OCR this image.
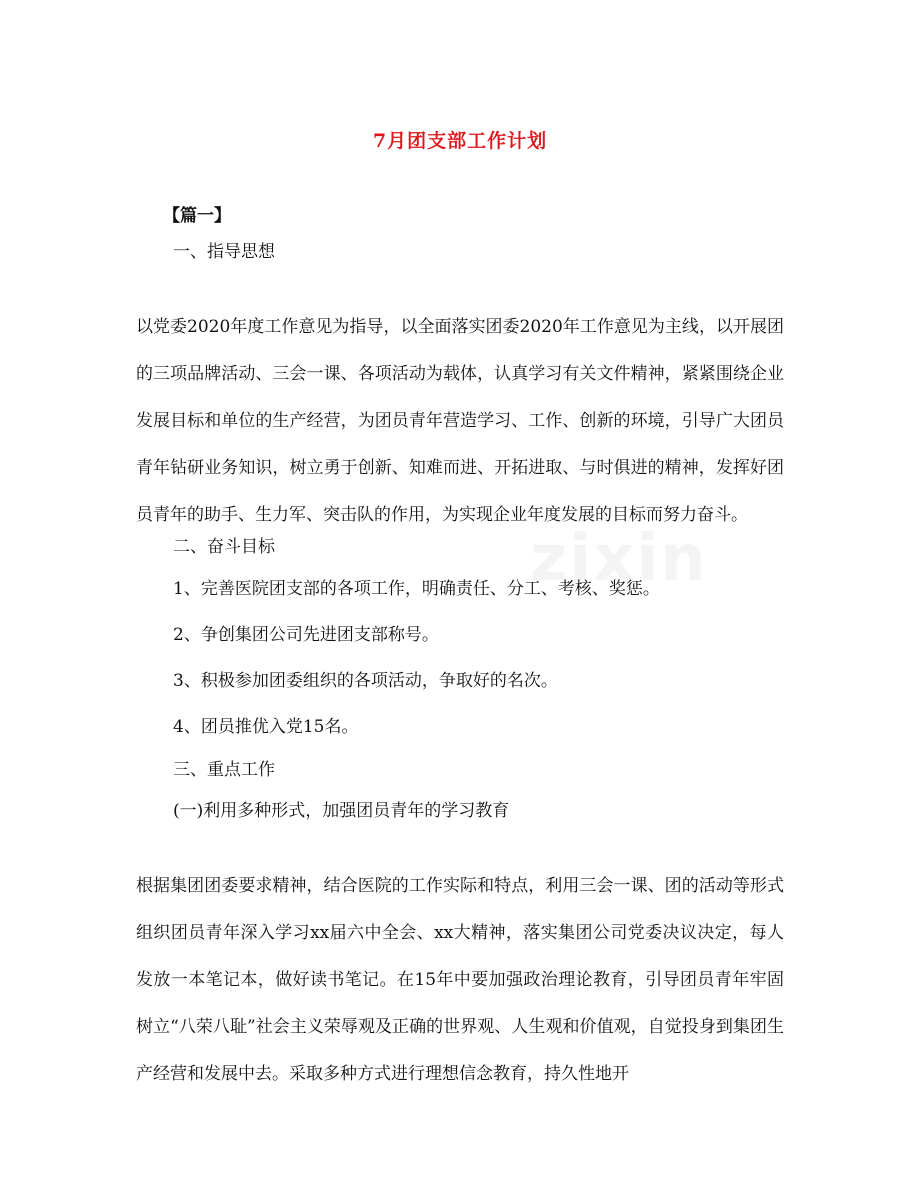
7月团支部工作计划
【篇一】
一、指导思想
以党委2020年度工作意见为指导，以全面落实团委2020年工作意见为主线，以开展团的三项品牌活动、三会一课、各项活动为载体，认真学习有关文件精神，紧紧围绕企业发展目标和单位的生产经营，为团员青年营造学习、工作、创新的环境，引导广大团员青年钻研业务知识，树立勇于创新、知难而进、开拓进取、与时俱进的精神，发挥好团员青年的助手、生力军、突击队的作用，为实现企业年度发展的目标而努力奋斗。
二、奋斗目标
1、完善医院团支部的各项工作，明确责任、分工、考核、奖惩。
2、争创集团公司先进团支部称号。
3、积极参加团委组织的各项活动，争取好的名次。
4、团员推优入党15名。
三、重点工作
(一)利用多种形式，加强团员青年的学习教育
根据集团团委要求精神，结合医院的工作实际和特点，利用三会一课、团的活动等形式组织团员青年深入学习xx届六中全会、xx大精神，落实集团公司党委决议决定，每人发放一本笔记本，做好读书笔记。在15年中要加强政治理论教育，引导团员青年牢固树立“八荣八耻”社会主义荣辱观及正确的世界观、人生观和价值观，自觉投身到集团生产经营和发展中去。采取多种方式进行理想信念教育，持久性地开
